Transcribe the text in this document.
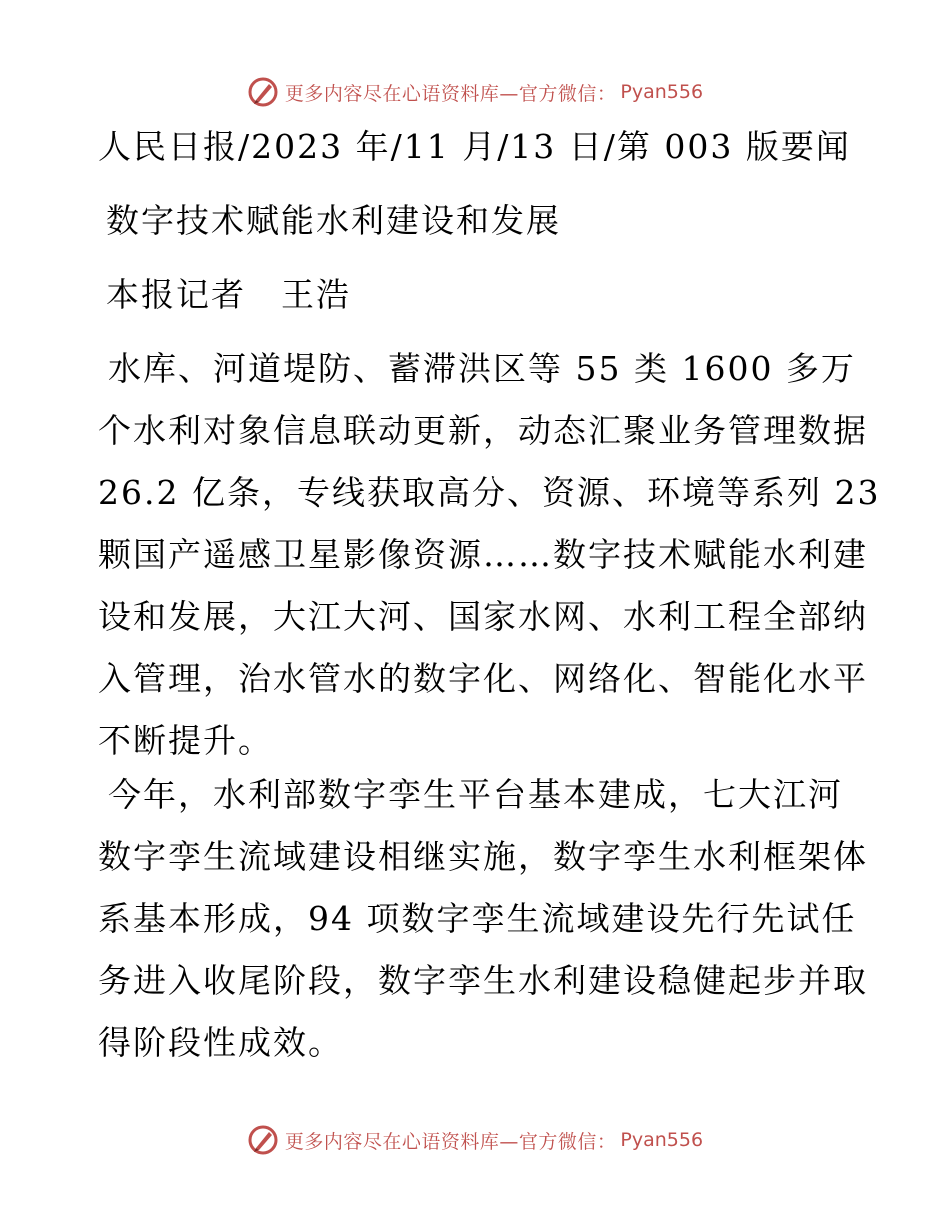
更多内容尽在心语资料库—官方微信： Pyan556
人民日报/2023 年/11 月/13 日/第 003 版要闻
数字技术赋能水利建设和发展
本报记者　王浩
水库、河道堤防、蓄滞洪区等 55 类 1600 多万
个水利对象信息联动更新，动态汇聚业务管理数据
26.2 亿条，专线获取高分、资源、环境等系列 23
颗国产遥感卫星影像资源……数字技术赋能水利建
设和发展，大江大河、国家水网、水利工程全部纳
入管理，治水管水的数字化、网络化、智能化水平
不断提升。
今年，水利部数字孪生平台基本建成，七大江河
数字孪生流域建设相继实施，数字孪生水利框架体
系基本形成，94 项数字孪生流域建设先行先试任
务进入收尾阶段，数字孪生水利建设稳健起步并取
得阶段性成效。
更多内容尽在心语资料库—官方微信： Pyan556
